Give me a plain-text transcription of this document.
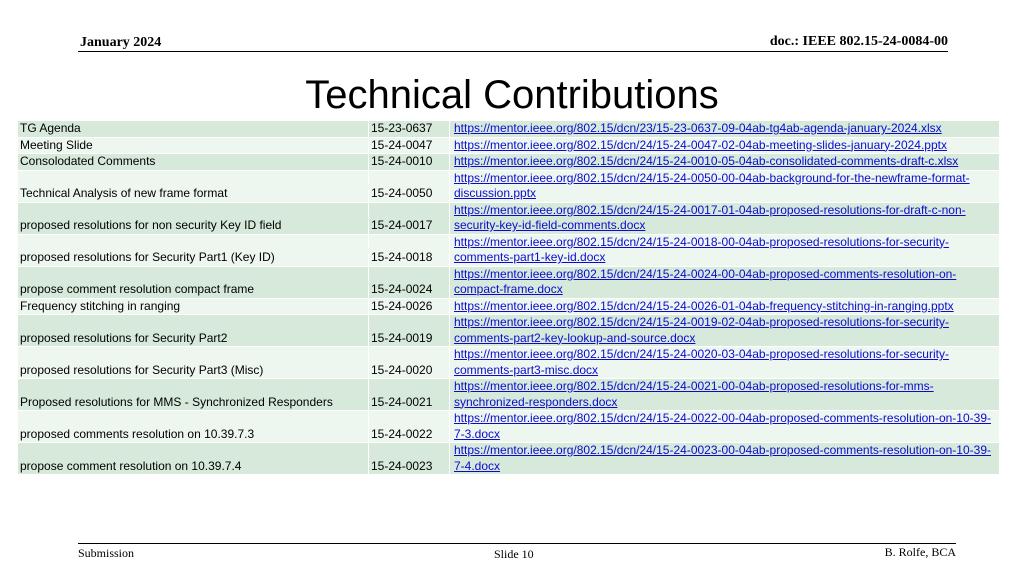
January 2024	doc.: IEEE 802.15-24-0084-00
Technical Contributions
TG Agenda	15-23-0637	https://mentor.ieee.org/802.15/dcn/23/15-23-0637-09-04ab-tg4ab-agenda-january-2024.xlsx
Meeting Slide	15-24-0047	https://mentor.ieee.org/802.15/dcn/24/15-24-0047-02-04ab-meeting-slides-january-2024.pptx
Consolodated Comments	15-24-0010	https://mentor.ieee.org/802.15/dcn/24/15-24-0010-05-04ab-consolidated-comments-draft-c.xlsx
Technical Analysis of new frame format	15-24-0050	https://mentor.ieee.org/802.15/dcn/24/15-24-0050-00-04ab-background-for-the-newframe-format-discussion.pptx
proposed resolutions for non security Key ID field	15-24-0017	https://mentor.ieee.org/802.15/dcn/24/15-24-0017-01-04ab-proposed-resolutions-for-draft-c-non-security-key-id-field-comments.docx
proposed resolutions for Security Part1 (Key ID)	15-24-0018	https://mentor.ieee.org/802.15/dcn/24/15-24-0018-00-04ab-proposed-resolutions-for-security-comments-part1-key-id.docx
propose comment resolution compact frame	15-24-0024	https://mentor.ieee.org/802.15/dcn/24/15-24-0024-00-04ab-proposed-comments-resolution-on-compact-frame.docx
Frequency stitching in ranging	15-24-0026	https://mentor.ieee.org/802.15/dcn/24/15-24-0026-01-04ab-frequency-stitching-in-ranging.pptx
proposed resolutions for Security Part2	15-24-0019	https://mentor.ieee.org/802.15/dcn/24/15-24-0019-02-04ab-proposed-resolutions-for-security-comments-part2-key-lookup-and-source.docx
proposed resolutions for Security Part3 (Misc)	15-24-0020	https://mentor.ieee.org/802.15/dcn/24/15-24-0020-03-04ab-proposed-resolutions-for-security-comments-part3-misc.docx
Proposed resolutions for MMS - Synchronized Responders	15-24-0021	https://mentor.ieee.org/802.15/dcn/24/15-24-0021-00-04ab-proposed-resolutions-for-mms-synchronized-responders.docx
proposed comments resolution on 10.39.7.3	15-24-0022	https://mentor.ieee.org/802.15/dcn/24/15-24-0022-00-04ab-proposed-comments-resolution-on-10-39-7-3.docx
propose comment resolution on 10.39.7.4	15-24-0023	https://mentor.ieee.org/802.15/dcn/24/15-24-0023-00-04ab-proposed-comments-resolution-on-10-39-7-4.docx
Submission	Slide 10	B. Rolfe, BCA
